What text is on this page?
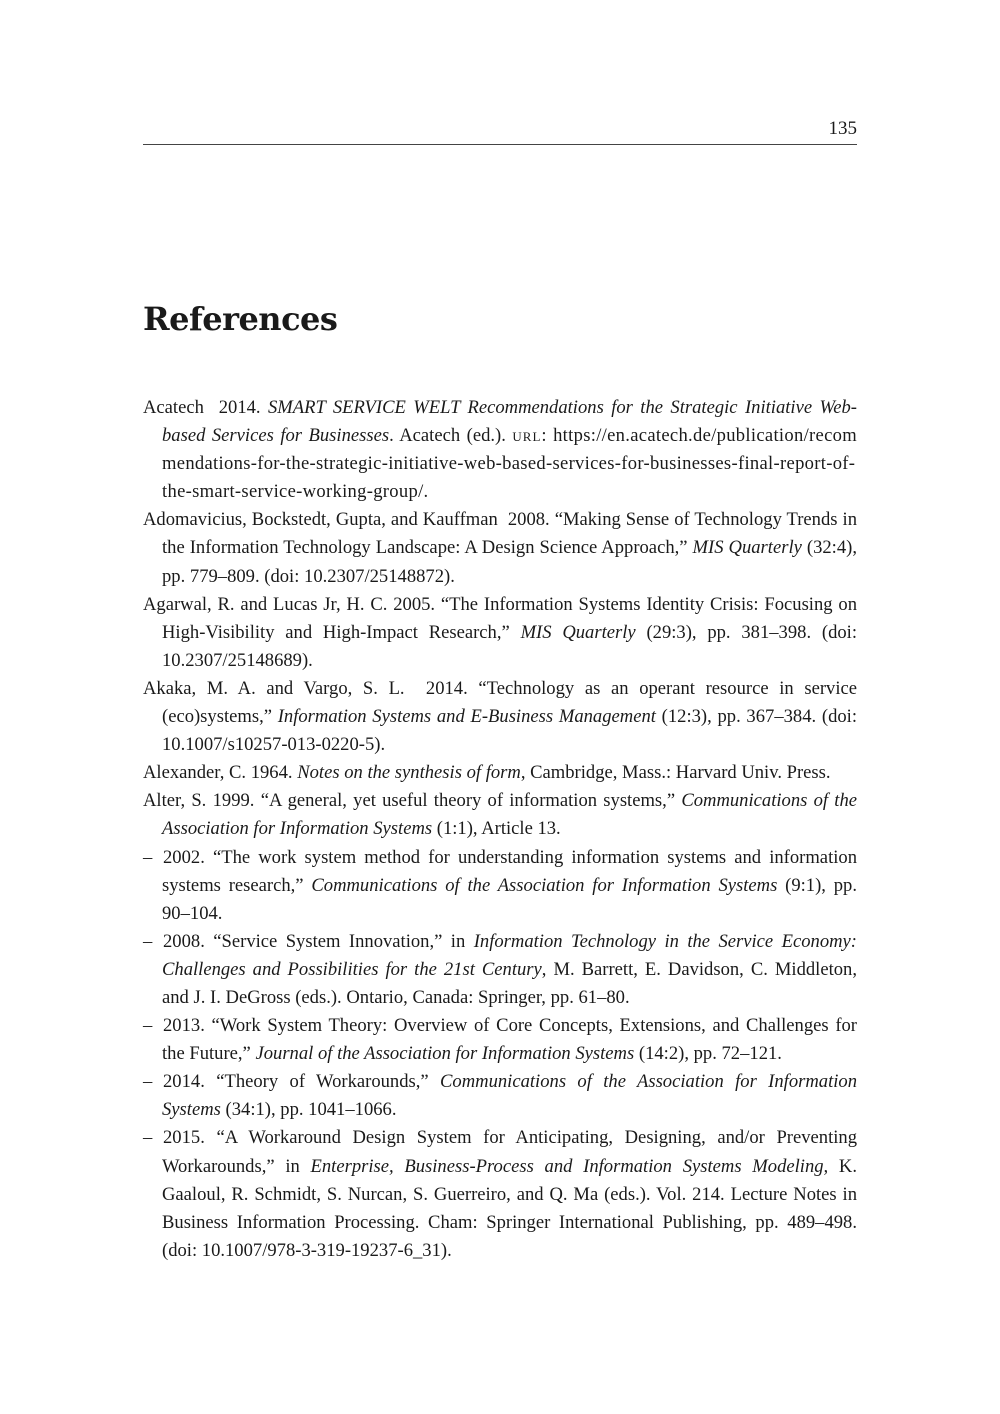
135
References
Acatech 2014. SMART SERVICE WELT Recommendations for the Strategic Initiative Web-based Services for Businesses. Acatech (ed.). url: https://en.acatech.de/publication/recommendations-for-the-strategic-initiative-web-based-services-for-businesses-final-report-of-the-smart-service-working-group/.
Adomavicius, Bockstedt, Gupta, and Kauffman 2008. “Making Sense of Technology Trends in the Information Technology Landscape: A Design Science Approach,” MIS Quarterly (32:4), pp. 779–809. (doi: 10.2307/25148872).
Agarwal, R. and Lucas Jr, H. C. 2005. “The Information Systems Identity Crisis: Focusing on High-Visibility and High-Impact Research,” MIS Quarterly (29:3), pp. 381–398. (doi: 10.2307/25148689).
Akaka, M. A. and Vargo, S. L. 2014. “Technology as an operant resource in service (eco)systems,” Information Systems and E-Business Management (12:3), pp. 367–384. (doi: 10.1007/s10257-013-0220-5).
Alexander, C. 1964. Notes on the synthesis of form, Cambridge, Mass.: Harvard Univ. Press.
Alter, S. 1999. “A general, yet useful theory of information systems,” Communications of the Association for Information Systems (1:1), Article 13.
– 2002. “The work system method for understanding information systems and information systems research,” Communications of the Association for Information Systems (9:1), pp. 90–104.
– 2008. “Service System Innovation,” in Information Technology in the Service Economy: Challenges and Possibilities for the 21st Century, M. Barrett, E. Davidson, C. Middleton, and J. I. DeGross (eds.). Ontario, Canada: Springer, pp. 61–80.
– 2013. “Work System Theory: Overview of Core Concepts, Extensions, and Challenges for the Future,” Journal of the Association for Information Systems (14:2), pp. 72–121.
– 2014. “Theory of Workarounds,” Communications of the Association for Information Systems (34:1), pp. 1041–1066.
– 2015. “A Workaround Design System for Anticipating, Designing, and/or Preventing Workarounds,” in Enterprise, Business-Process and Information Systems Modeling, K. Gaaloul, R. Schmidt, S. Nurcan, S. Guerreiro, and Q. Ma (eds.). Vol. 214. Lecture Notes in Business Information Processing. Cham: Springer International Publishing, pp. 489–498. (doi: 10.1007/978-3-319-19237-6_31).
